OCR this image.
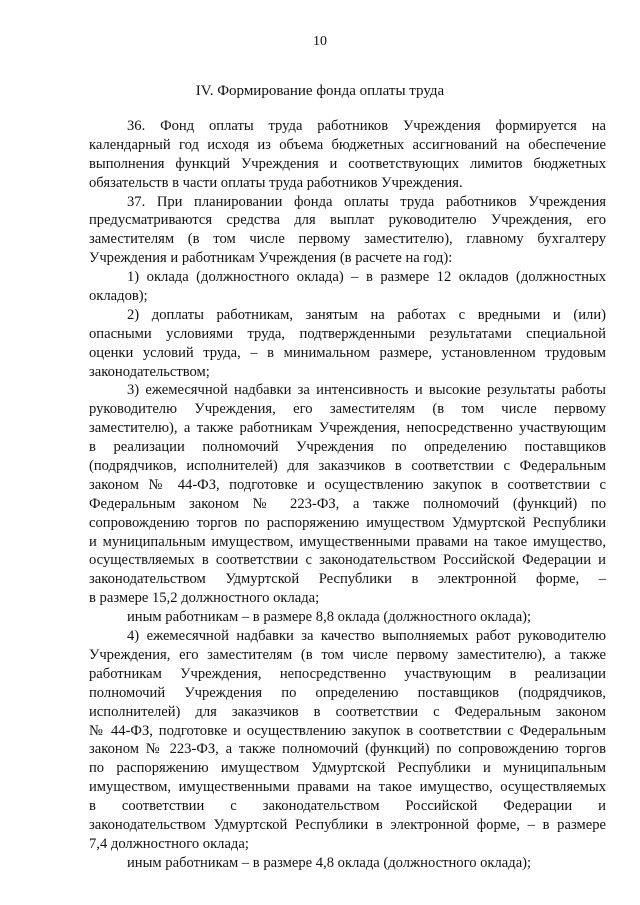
10
IV. Формирование фонда оплаты труда
36. Фонд оплаты труда работников Учреждения формируется на
календарный год исходя из объема бюджетных ассигнований на обеспечение
выполнения функций Учреждения и соответствующих лимитов бюджетных
обязательств в части оплаты труда работников Учреждения.
37. При планировании фонда оплаты труда работников Учреждения
предусматриваются средства для выплат руководителю Учреждения, его
заместителям (в том числе первому заместителю), главному бухгалтеру
Учреждения и работникам Учреждения (в расчете на год):
1) оклада (должностного оклада) – в размере 12 окладов (должностных
окладов);
2) доплаты работникам, занятым на работах с вредными и (или)
опасными условиями труда, подтвержденными результатами специальной
оценки условий труда, – в минимальном размере, установленном трудовым
законодательством;
3) ежемесячной надбавки за интенсивность и высокие результаты работы
руководителю Учреждения, его заместителям (в том числе первому
заместителю), а также работникам Учреждения, непосредственно участвующим
в реализации полномочий Учреждения по определению поставщиков
(подрядчиков, исполнителей) для заказчиков в соответствии с Федеральным
законом № 44-ФЗ, подготовке и осуществлению закупок в соответствии с
Федеральным законом № 223-ФЗ, а также полномочий (функций) по
сопровождению торгов по распоряжению имуществом Удмуртской Республики
и муниципальным имуществом, имущественными правами на такое имущество,
осуществляемых в соответствии с законодательством Российской Федерации и
законодательством Удмуртской Республики в электронной форме, –
в размере 15,2 должностного оклада;
иным работникам – в размере 8,8 оклада (должностного оклада);
4) ежемесячной надбавки за качество выполняемых работ руководителю
Учреждения, его заместителям (в том числе первому заместителю), а также
работникам Учреждения, непосредственно участвующим в реализации
полномочий Учреждения по определению поставщиков (подрядчиков,
исполнителей) для заказчиков в соответствии с Федеральным законом
№ 44-ФЗ, подготовке и осуществлению закупок в соответствии с Федеральным
законом № 223-ФЗ, а также полномочий (функций) по сопровождению торгов
по распоряжению имуществом Удмуртской Республики и муниципальным
имуществом, имущественными правами на такое имущество, осуществляемых
в соответствии с законодательством Российской Федерации и
законодательством Удмуртской Республики в электронной форме, – в размере
7,4 должностного оклада;
иным работникам – в размере 4,8 оклада (должностного оклада);
